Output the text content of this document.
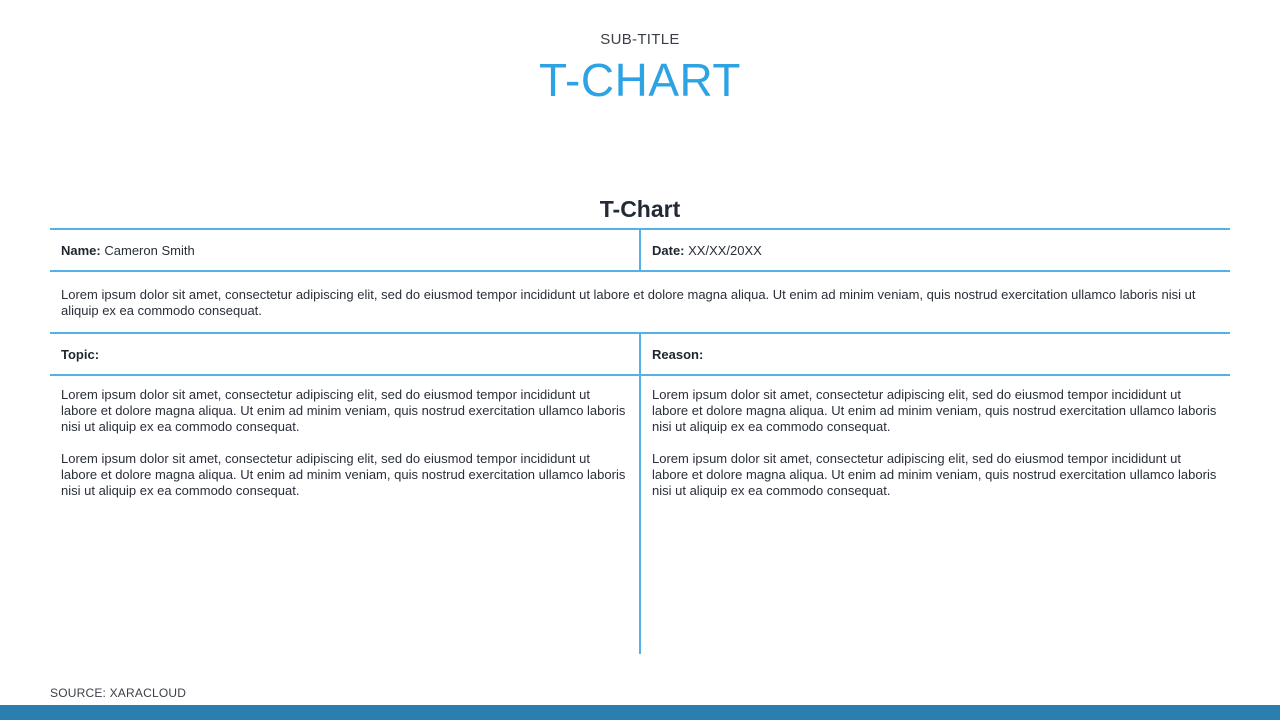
SUB-TITLE
T-CHART
T-Chart
Name: Cameron Smith	Date: XX/XX/20XX
Lorem ipsum dolor sit amet, consectetur adipiscing elit, sed do eiusmod tempor incididunt ut labore et dolore magna aliqua. Ut enim ad minim veniam, quis nostrud exercitation ullamco laboris nisi ut aliquip ex ea commodo consequat.
Topic:	Reason:
Lorem ipsum dolor sit amet, consectetur adipiscing elit, sed do eiusmod tempor incididunt ut labore et dolore magna aliqua. Ut enim ad minim veniam, quis nostrud exercitation ullamco laboris nisi ut aliquip ex ea commodo consequat.
Lorem ipsum dolor sit amet, consectetur adipiscing elit, sed do eiusmod tempor incididunt ut labore et dolore magna aliqua. Ut enim ad minim veniam, quis nostrud exercitation ullamco laboris nisi ut aliquip ex ea commodo consequat.
Lorem ipsum dolor sit amet, consectetur adipiscing elit, sed do eiusmod tempor incididunt ut labore et dolore magna aliqua. Ut enim ad minim veniam, quis nostrud exercitation ullamco laboris nisi ut aliquip ex ea commodo consequat.
Lorem ipsum dolor sit amet, consectetur adipiscing elit, sed do eiusmod tempor incididunt ut labore et dolore magna aliqua. Ut enim ad minim veniam, quis nostrud exercitation ullamco laboris nisi ut aliquip ex ea commodo consequat.
SOURCE: XARACLOUD
